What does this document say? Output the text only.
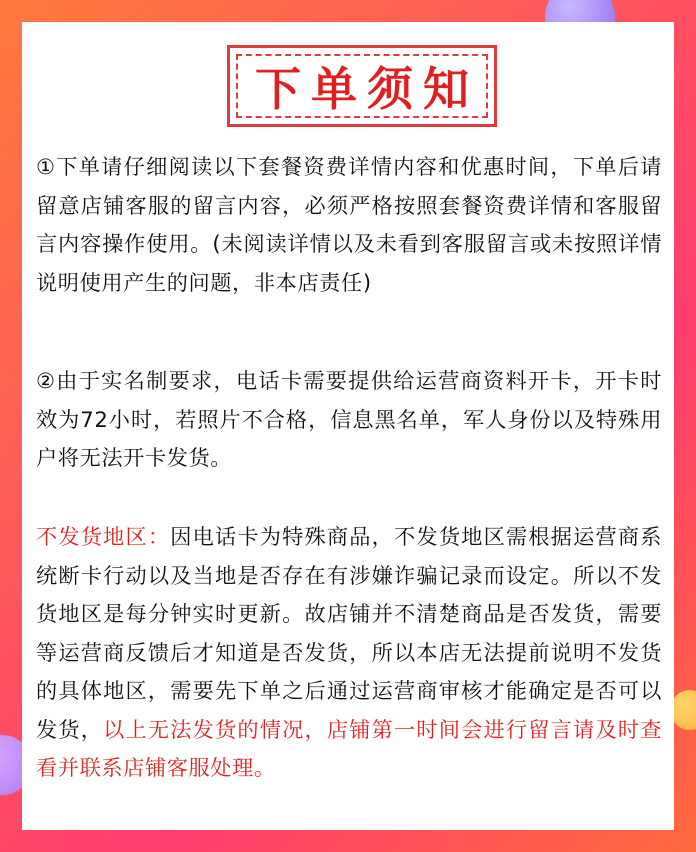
下单须知
①下单请仔细阅读以下套餐资费详情内容和优惠时间，下单后请留意店铺客服的留言内容，必须严格按照套餐资费详情和客服留言内容操作使用。(未阅读详情以及未看到客服留言或未按照详情说明使用产生的问题，非本店责任)
②由于实名制要求，电话卡需要提供给运营商资料开卡，开卡时效为72小时，若照片不合格，信息黑名单，军人身份以及特殊用户将无法开卡发货。
不发货地区：因电话卡为特殊商品，不发货地区需根据运营商系统断卡行动以及当地是否存在有涉嫌诈骗记录而设定。所以不发货地区是每分钟实时更新。故店铺并不清楚商品是否发货，需要等运营商反馈后才知道是否发货，所以本店无法提前说明不发货的具体地区，需要先下单之后通过运营商审核才能确定是否可以发货，以上无法发货的情况，店铺第一时间会进行留言请及时查看并联系店铺客服处理。
